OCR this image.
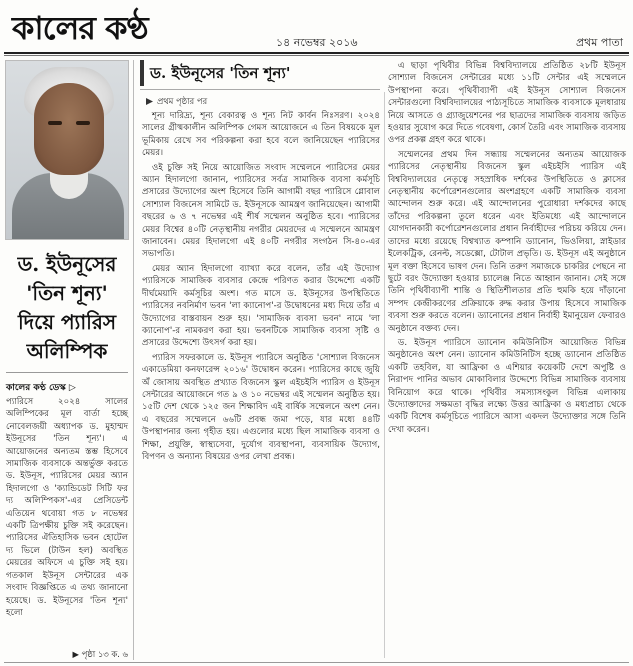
কালের কণ্ঠ	১৪ নভেম্বর ২০১৬	প্রথম পাতা
ড. ইউনূসের 'তিন শূন্য' দিয়ে প্যারিস অলিম্পিক
কালের কণ্ঠ ডেস্ক ▷
প্যারিসে ২০২৪ সালের অলিম্পিকের মূল বার্তা হচ্ছে নোবেলজয়ী অধ্যাপক ড. মুহাম্মদ ইউনূসের 'তিন শূন্য'। এ আয়োজনের অন্যতম স্তম্ভ হিসেবে সামাজিক ব্যবসাকে অন্তর্ভুক্ত করতে ড. ইউনূস, প্যারিসের মেয়র অ্যান হিদালগো ও 'ক্যান্ডিডেট সিটি ফর দ্য অলিম্পিকস'-এর প্রেসিডেন্ট এতিয়েন থবোয়া গত ৮ নভেম্বর একটি ত্রিপক্ষীয় চুক্তি সই করেছেন। প্যারিসের ঐতিহাসিক ভবন হোটেল দ্য ভিলে (টাউন হল) অবস্থিত মেয়রের অফিসে এ চুক্তি সই হয়। গতকাল ইউনূস সেন্টারের এক সংবাদ বিজ্ঞপ্তিতে এ তথ্য জানানো হয়েছে। ড. ইউনূসের 'তিন শূন্য' হলো
▶ পৃষ্ঠা ১৩ ক. ৬
ড. ইউনূসের 'তিন শূন্য'
প্রথম পৃষ্ঠার পর

শূন্য দারিদ্র্য, শূন্য বেকারত্ব ও শূন্য নিট কার্বন নিঃসরণ। ২০২৪ সালের গ্রীষ্মকালীন অলিম্পিক গেমস আয়োজনে এ তিন বিষয়কে মূল ভূমিকায় রেখে সব পরিকল্পনা করা হবে বলে জানিয়েছেন প্যারিসের মেয়র।

ওই চুক্তি সই নিয়ে আয়োজিত সংবাদ সম্মেলনে প্যারিসের মেয়র অ্যান হিদালগো জানান, প্যারিসের সর্বত্র সামাজিক ব্যবসা কর্মসূচি প্রসারের উদ্যোগের অংশ হিসেবে তিনি আগামী বছর প্যারিসে গ্লোবাল সোশ্যাল বিজনেস সামিটে ড. ইউনূসকে আমন্ত্রণ জানিয়েছেন। আগামী বছরের ৬ ও ৭ নভেম্বর এই শীর্ষ সম্মেলন অনুষ্ঠিত হবে। প্যারিসের মেয়র বিশ্বের ৪০টি নেতৃস্থানীয় নগরীর মেয়রদের এ সম্মেলনে আমন্ত্রণ জানাবেন। মেয়র হিদালগো এই ৪০টি নগরীর সংগঠন সি-৪০-এর সভাপতি।

মেয়র অ্যান হিদালগো ব্যাখ্যা করে বলেন, তাঁর এই উদ্যোগ প্যারিসকে সামাজিক ব্যবসার কেন্দ্রে পরিণত করার উদ্দেশ্যে একটি দীর্ঘমেয়াদি কর্মসূচির অংশ। গত মাসে ড. ইউনূসের উপস্থিতিতে প্যারিসের নবনির্মাণ ভবন 'লা ক্যানোপ'-র উদ্বোধনের মধ্য দিয়ে তাঁর এ উদ্যোগের বাস্তবায়ন শুরু হয়। 'সামাজিক ব্যবসা ভবন' নামে 'লা ক্যানোপ'-র নামকরণ করা হয়। ভবনটিকে সামাজিক ব্যবসা সৃষ্টি ও প্রসারের উদ্দেশ্যে উৎসর্গ করা হয়।

প্যারিস সফরকালে ড. ইউনূস প্যারিসে অনুষ্ঠিত 'সোশ্যাল বিজনেস একাডেমিয়া কনফারেন্স ২০১৬' উদ্বোধন করেন। প্যারিসের কাছে জুয়ি অঁ জোসায় অবস্থিত প্রখ্যাত বিজনেস স্কুল এইচইসি প্যারিস ও ইউনূস সেন্টারের আয়োজনে গত ৯ ও ১০ নভেম্বর এই সম্মেলন অনুষ্ঠিত হয়। ১৫টি দেশ থেকে ১২৫ জন শিক্ষাবিদ এই বার্ষিক সম্মেলনে অংশ নেন। এ বছরের সম্মেলনে ৬৬টি প্রবন্ধ জমা পড়ে, যার মধ্যে ৪৪টি উপস্থাপনার জন্য গৃহীত হয়। এগুলোর মধ্যে ছিল সামাজিক ব্যবসা ও শিক্ষা, প্রযুক্তি, স্বাস্থ্যসেবা, দুর্যোগ ব্যবস্থাপনা, ব্যবসায়িক উদ্যোগ, বিপণন ও অন্যান্য বিষয়ের ওপর লেখা প্রবন্ধ।

এ ছাড়া পৃথিবীর বিভিন্ন বিশ্ববিদ্যালয়ে প্রতিষ্ঠিত ২৮টি ইউনূস সোশ্যাল বিজনেস সেন্টারের মধ্যে ১১টি সেন্টার এই সম্মেলনে উপস্থাপনা করে। পৃথিবীব্যাপী এই ইউনূস সোশ্যাল বিজনেস সেন্টারগুলো বিশ্ববিদ্যালয়ের পাঠ্যসূচিতে সামাজিক ব্যবসাকে মূলধারায় নিয়ে আসতে ও গ্র্যাজুয়েশনের পর ছাত্রদের সামাজিক ব্যবসায় জড়িত হওয়ার সুযোগ করে দিতে গবেষণা, কোর্স তৈরি এবং সামাজিক ব্যবসায় ওপর প্রকল্প গ্রহণ করে থাকে।

সম্মেলনের প্রথম দিন সন্ধ্যায় সম্মেলনের অন্যতম আয়োজক প্যারিসের নেতৃস্থানীয় বিজনেস স্কুল এইচইসি প্যারিস এই বিশ্ববিদ্যালয়ের নেতৃত্বে সহস্রাধিক দর্শকের উপস্থিতিতে ও ক্লাসের নেতৃস্থানীয় কর্পোরেশনগুলোর অংশগ্রহণে একটি সামাজিক ব্যবসা আন্দোলন শুরু করে। এই আন্দোলনের পুরোধারা দর্শকদের কাছে তাঁদের পরিকল্পনা তুলে ধরেন এবং ইতিমধ্যে এই আন্দোলনে যোগদানকারী কর্পোরেশনগুলোর প্রধান নির্বাহীদের পরিচয় করিয়ে দেন। তাদের মধ্যে রয়েছে বিশ্বখ্যাত কম্পানি ড্যানোন, ভিওলিয়া, স্নাইডার ইলেকট্রিক, রেনল্ট, সডেক্সো, টোটাল প্রভৃতি। ড. ইউনূস এই অনুষ্ঠানে মূল বক্তা হিসেবে ভাষণ দেন। তিনি তরুণ সমাজকে চাকরির পেছনে না ছুটে বরং উদ্যোক্তা হওয়ার চ্যালেঞ্জ নিতে আহ্বান জানান। সেই সঙ্গে তিনি পৃথিবীব্যাপী শান্তি ও স্থিতিশীলতার প্রতি হুমকি হয়ে দাঁড়ানো সম্পদ কেন্দ্রীকরণের প্রক্রিয়াকে রুদ্ধ করার উপায় হিসেবে সামাজিক ব্যবসা শুরু করতে বলেন। ড্যানোনের প্রধান নির্বাহী ইমানুয়েল ফেবারও অনুষ্ঠানে বক্তব্য দেন।

ড. ইউনূস প্যারিসে ড্যানোন কমিউনিটিস আয়োজিত বিভিন্ন অনুষ্ঠানেও অংশ নেন। ড্যানোন কমিউনিটিস হচ্ছে ড্যানোন প্রতিষ্ঠিত একটি তহবিল, যা আফ্রিকা ও এশিয়ার কয়েকটি দেশে অপুষ্টি ও নিরাপদ পানির অভাব মোকাবিলার উদ্দেশ্যে বিভিন্ন সামাজিক ব্যবসায় বিনিয়োগ করে থাকে। পৃথিবীর সমস্যাসংকুল বিভিন্ন এলাকায় উদ্যোক্তাদের সক্ষমতা বৃদ্ধির লক্ষ্যে উত্তর আফ্রিকা ও মধ্যপ্রাচ্য থেকে একটি বিশেষ কর্মসূচিতে প্যারিসে আসা একদল উদ্যোক্তার সঙ্গে তিনি দেখা করেন।
